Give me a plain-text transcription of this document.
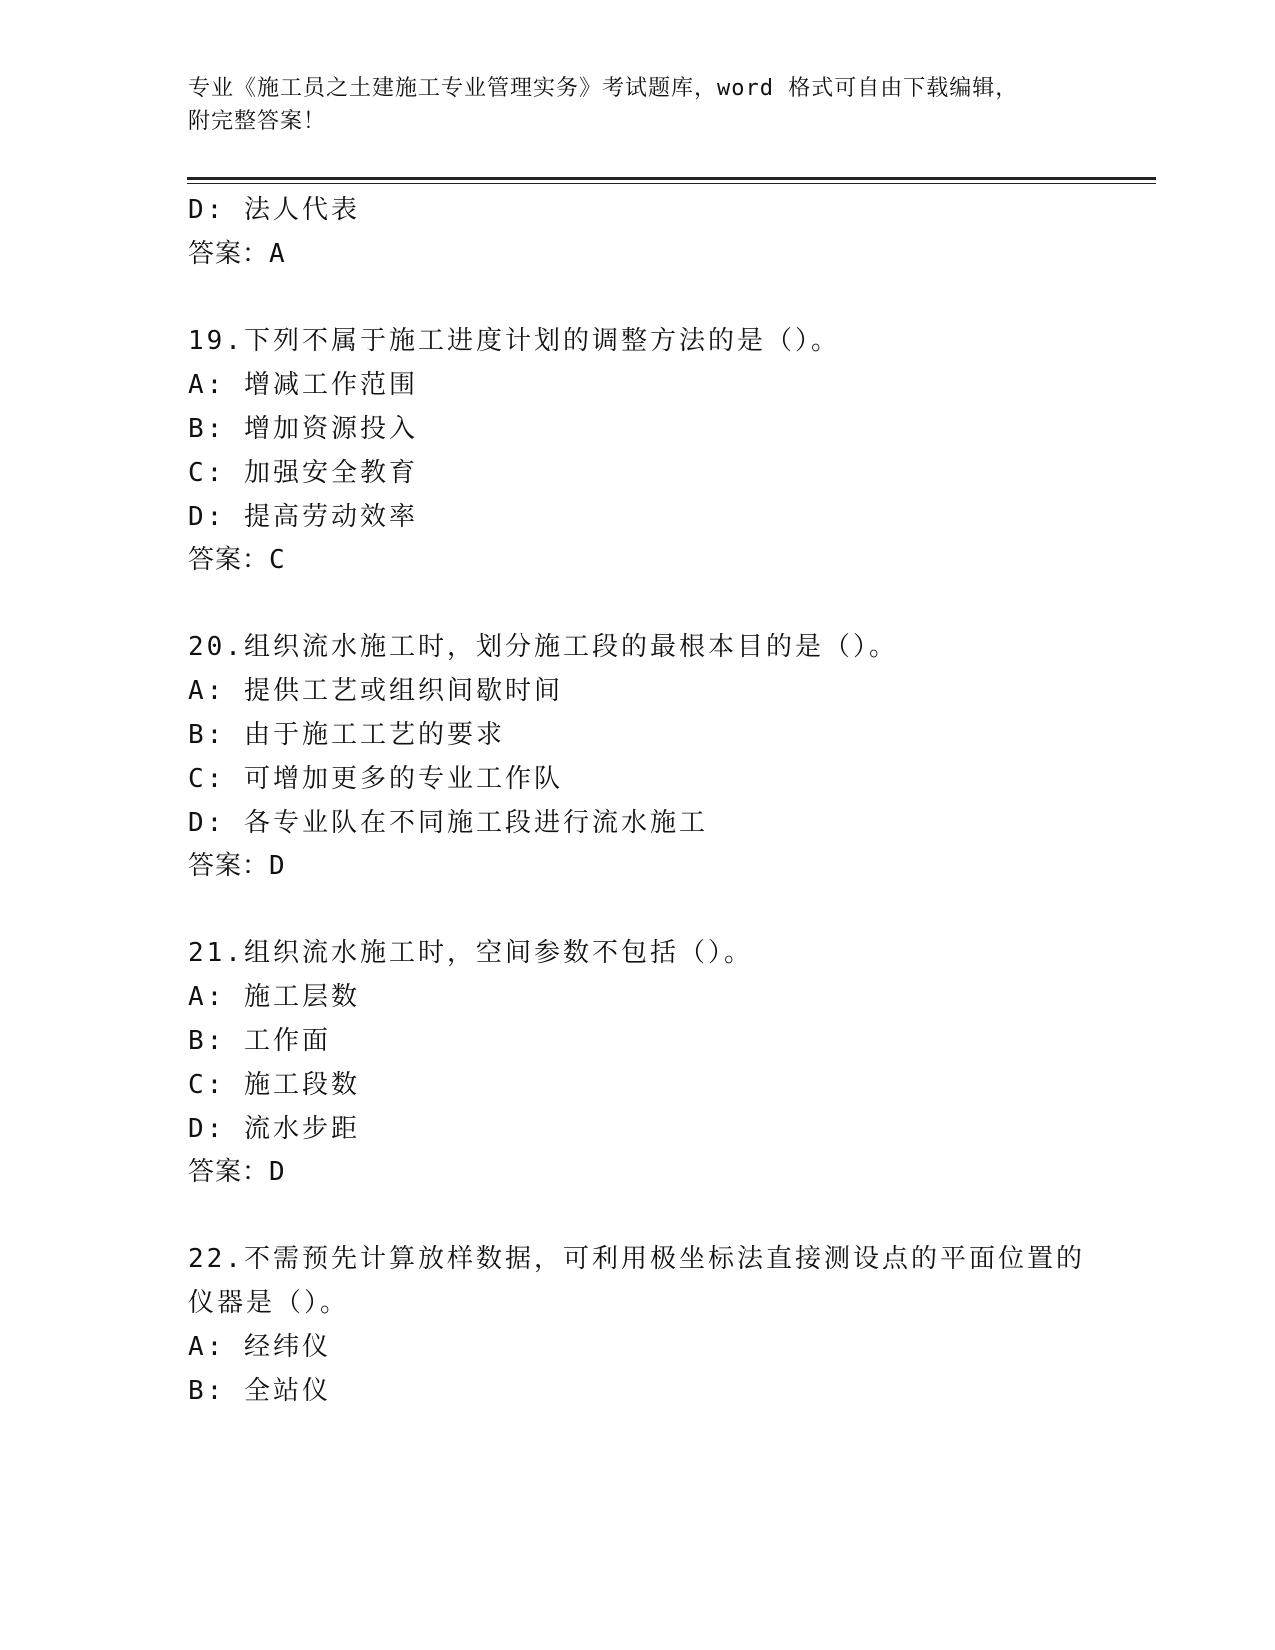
专业《施工员之土建施工专业管理实务》考试题库，word 格式可自由下载编辑，
附完整答案！
D: 法人代表
答案：A
19.下列不属于施工进度计划的调整方法的是（）。
A: 增减工作范围
B: 增加资源投入
C: 加强安全教育
D: 提高劳动效率
答案：C
20.组织流水施工时，划分施工段的最根本目的是（）。
A: 提供工艺或组织间歇时间
B: 由于施工工艺的要求
C: 可增加更多的专业工作队
D: 各专业队在不同施工段进行流水施工
答案：D
21.组织流水施工时，空间参数不包括（）。
A: 施工层数
B: 工作面
C: 施工段数
D: 流水步距
答案：D
22.不需预先计算放样数据，可利用极坐标法直接测设点的平面位置的
仪器是（）。
A: 经纬仪
B: 全站仪
